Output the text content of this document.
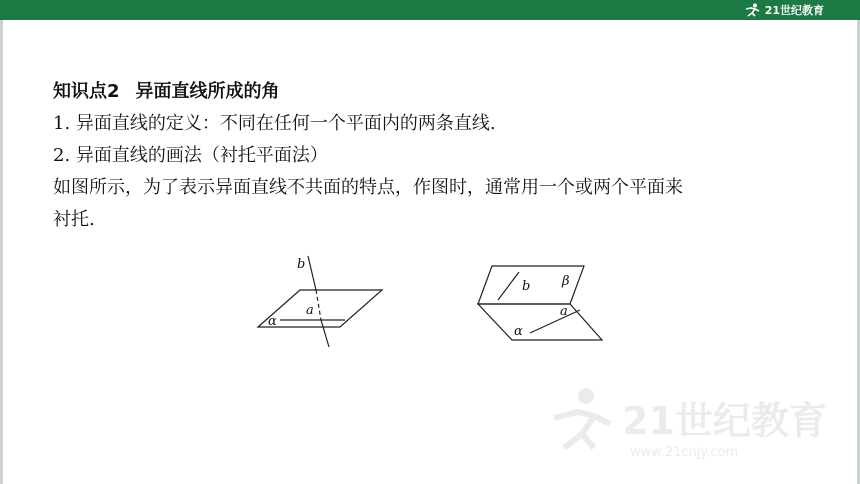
21世纪教育

知识点2 异面直线所成的角

1. 异面直线的定义：不同在任何一个平面内的两条直线.

2. 异面直线的画法（衬托平面法）

如图所示，为了表示异面直线不共面的特点，作图时，通常用一个或两个平面来

衬托.

b
a
α
b β
a
α
21世纪教育
www.21cnjy.com
